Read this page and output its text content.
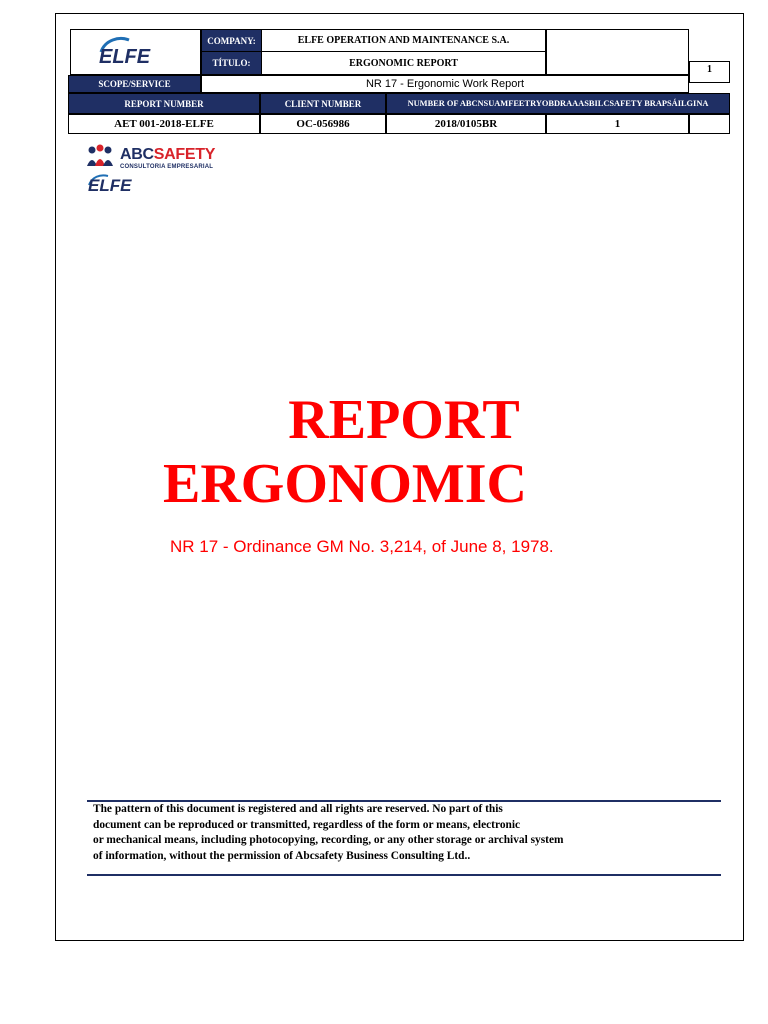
ELFE
COMPANY:	ELFE OPERATION AND MAINTENANCE S.A.
TÍTULO:	ERGONOMIC REPORT
1
SCOPE/SERVICE	NR 17 - Ergonomic Work Report
REPORT NUMBER	CLIENT NUMBER	NUMBER OF ABCNSUAMFEETRYOBDRAAASBILCSAFETY BRAPSÁILGINA
AET 001-2018-ELFE	OC-056986	2018/0105BR	1
ABCSAFETY
CONSULTORIA EMPRESARIAL
ELFE
REPORT
ERGONOMIC
NR 17 - Ordinance GM No. 3,214, of June 8, 1978.
The pattern of this document is registered and all rights are reserved. No part of this
document can be reproduced or transmitted, regardless of the form or means, electronic
or mechanical means, including photocopying, recording, or any other storage or archival system
of information, without the permission of Abcsafety Business Consulting Ltd..
